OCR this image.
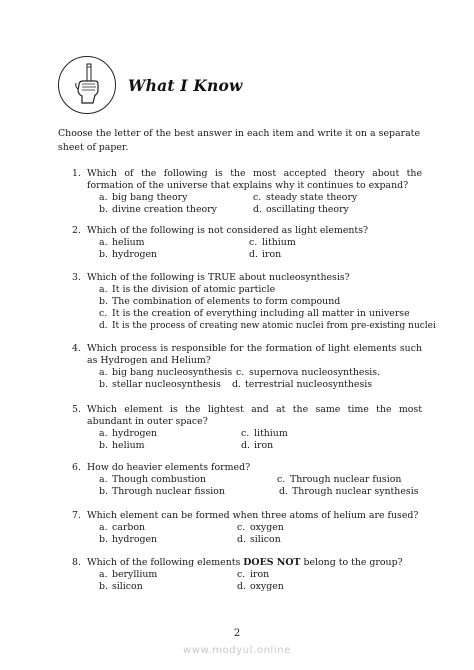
What I Know
Choose the letter of the best answer in each item and write it on a separate sheet of paper.
1. Which of the following is the most accepted theory about the formation of the universe that explains why it continues to expand?
a. big bang theory	c. steady state theory
b. divine creation theory	d. oscillating theory
2. Which of the following is not considered as light elements?
a. helium	c. lithium
b. hydrogen	d. iron
3. Which of the following is TRUE about nucleosynthesis?
a. It is the division of atomic particle
b. The combination of elements to form compound
c. It is the creation of everything including all matter in universe
d. It is the process of creating new atomic nuclei from pre-existing nuclei
4. Which process is responsible for the formation of light elements such as Hydrogen and Helium?
a. big bang nucleosynthesis c. supernova nucleosynthesis.
b. stellar nucleosynthesis d. terrestrial nucleosynthesis
5. Which element is the lightest and at the same time the most abundant in outer space?
a. hydrogen	c. lithium
b. helium	d. iron
6. How do heavier elements formed?
a. Though combustion	c. Through nuclear fusion
b. Through nuclear fission	d. Through nuclear synthesis
7. Which element can be formed when three atoms of helium are fused?
a. carbon	c. oxygen
b. hydrogen	d. silicon
8. Which of the following elements DOES NOT belong to the group?
a. beryllium	c. iron
b. silicon	d. oxygen
2
www.modyul.online
